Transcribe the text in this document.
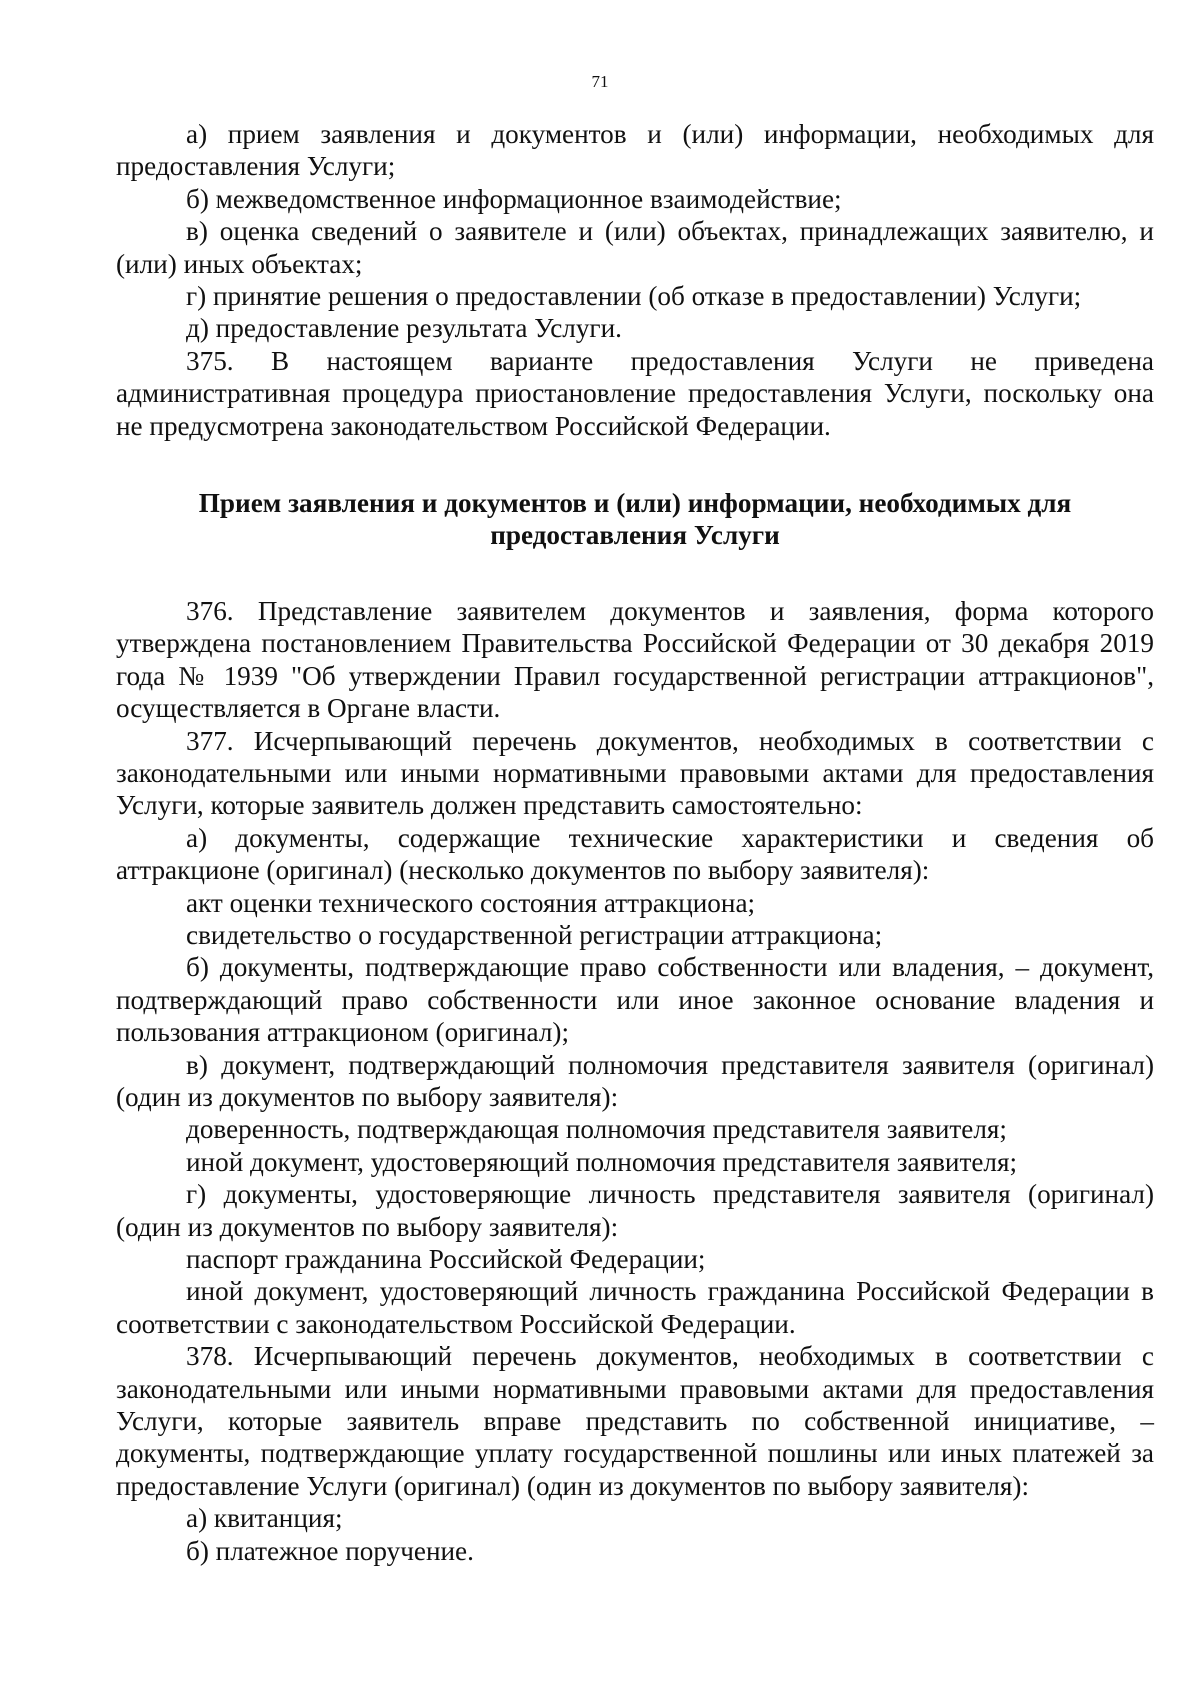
71

а) прием заявления и документов и (или) информации, необходимых для предоставления Услуги;

б) межведомственное информационное взаимодействие;

в) оценка сведений о заявителе и (или) объектах, принадлежащих заявителю, и (или) иных объектах;

г) принятие решения о предоставлении (об отказе в предоставлении) Услуги;

д) предоставление результата Услуги.

375. В настоящем варианте предоставления Услуги не приведена административная процедура приостановление предоставления Услуги, поскольку она не предусмотрена законодательством Российской Федерации.

Прием заявления и документов и (или) информации, необходимых для
предоставления Услуги

376. Представление заявителем документов и заявления, форма которого утверждена постановлением Правительства Российской Федерации от 30 декабря 2019 года № 1939 "Об утверждении Правил государственной регистрации аттракционов", осуществляется в Органе власти.

377. Исчерпывающий перечень документов, необходимых в соответствии с законодательными или иными нормативными правовыми актами для предоставления Услуги, которые заявитель должен представить самостоятельно:

а) документы, содержащие технические характеристики и сведения об аттракционе (оригинал) (несколько документов по выбору заявителя):

акт оценки технического состояния аттракциона;

свидетельство о государственной регистрации аттракциона;

б) документы, подтверждающие право собственности или владения, – документ, подтверждающий право собственности или иное законное основание владения и пользования аттракционом (оригинал);

в) документ, подтверждающий полномочия представителя заявителя (оригинал) (один из документов по выбору заявителя):

доверенность, подтверждающая полномочия представителя заявителя;

иной документ, удостоверяющий полномочия представителя заявителя;

г) документы, удостоверяющие личность представителя заявителя (оригинал) (один из документов по выбору заявителя):

паспорт гражданина Российской Федерации;

иной документ, удостоверяющий личность гражданина Российской Федерации в соответствии с законодательством Российской Федерации.

378. Исчерпывающий перечень документов, необходимых в соответствии с законодательными или иными нормативными правовыми актами для предоставления Услуги, которые заявитель вправе представить по собственной инициативе, – документы, подтверждающие уплату государственной пошлины или иных платежей за предоставление Услуги (оригинал) (один из документов по выбору заявителя):

а) квитанция;

б) платежное поручение.
